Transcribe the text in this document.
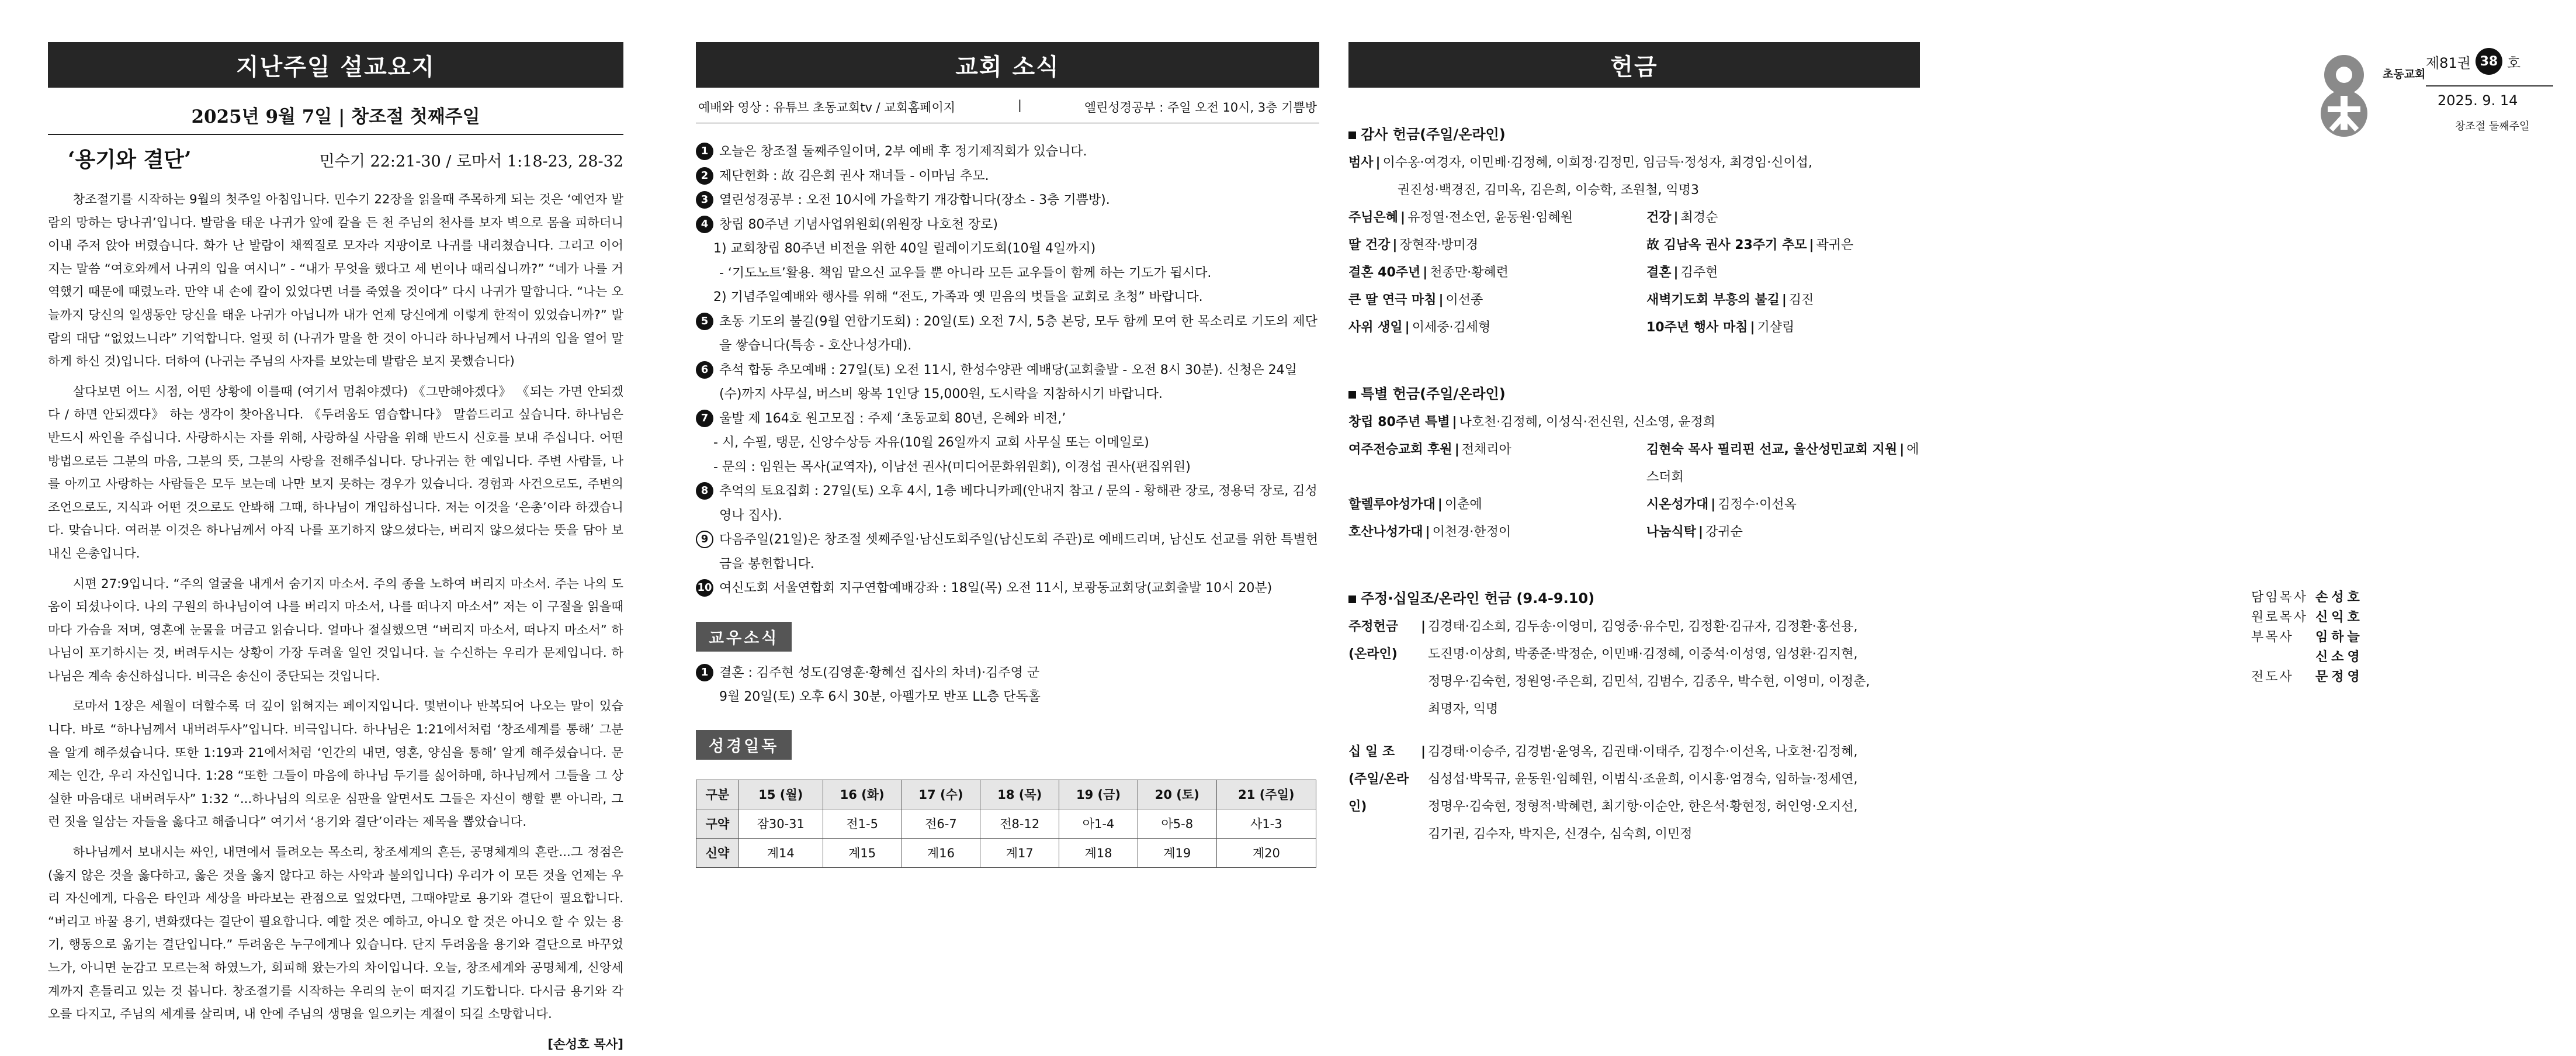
지난주일 설교요지
2025년 9월 7일 | 창조절 첫째주일
‘용기와 결단’	민수기 22:21-30 / 로마서 1:18-23, 28-32

창조절기를 시작하는 9월의 첫주일 아침입니다. 민수기 22장을 읽을때 주목하게 되는 것은 ‘예언자 발람의 망하는 당나귀’입니다. 발람을 태운 나귀가 앞에 칼을 든 천 주님의 천사를 보자 벽으로 몸을 피하더니 이내 주저 앉아 버렸습니다. 화가 난 발람이 채찍질로 모자라 지팡이로 나귀를 내리쳤습니다. 그리고 이어지는 말씀 “여호와께서 나귀의 입을 여시니” - “내가 무엇을 했다고 세 번이나 때리십니까?” “네가 나를 거역했기 때문에 때렸노라. 만약 내 손에 칼이 있었다면 너를 죽였을 것이다” 다시 나귀가 말합니다. “나는 오늘까지 당신의 일생동안 당신을 태운 나귀가 아닙니까 내가 언제 당신에게 이렇게 한적이 있었습니까?” 발람의 대답 “없었느니라” 기억합니다. 얼핏 히 (나귀가 말을 한 것이 아니라 하나님께서 나귀의 입을 열어 말하게 하신 것)입니다. 더하여 (나귀는 주님의 사자를 보았는데 발람은 보지 못했습니다)

살다보면 어느 시점, 어떤 상황에 이를때 (여기서 멈춰야겠다) 《그만해야겠다》 《되는 가면 안되겠다 / 하면 안되겠다》 하는 생각이 찾아옵니다. 《두려움도 염습합니다》 말씀드리고 싶습니다. 하나님은 반드시 싸인을 주십니다. 사랑하시는 자를 위해, 사랑하실 사람을 위해 반드시 신호를 보내 주십니다. 어떤 방법으로든 그분의 마음, 그분의 뜻, 그분의 사랑을 전해주십니다. 당나귀는 한 예입니다. 주변 사람들, 나를 아끼고 사랑하는 사람들은 모두 보는데 나만 보지 못하는 경우가 있습니다. 경험과 사건으로도, 주변의 조언으로도, 지식과 어떤 것으로도 안봐해 그때, 하나님이 개입하십니다. 저는 이것을 ‘은총’이라 하겠습니다. 맞습니다. 여러분 이것은 하나님께서 아직 나를 포기하지 않으셨다는, 버리지 않으셨다는 뜻을 담아 보내신 은총입니다.

시편 27:9입니다. “주의 얼굴을 내게서 숨기지 마소서. 주의 종을 노하여 버리지 마소서. 주는 나의 도움이 되셨나이다. 나의 구원의 하나님이여 나를 버리지 마소서, 나를 떠나지 마소서” 저는 이 구절을 읽을때마다 가슴을 저며, 영혼에 눈물을 머금고 읽습니다. 얼마나 절실했으면 “버리지 마소서, 떠나지 마소서” 하나님이 포기하시는 것, 버려두시는 상황이 가장 두려울 일인 것입니다. 늘 수신하는 우리가 문제입니다. 하나님은 계속 송신하십니다. 비극은 송신이 중단되는 것입니다.

로마서 1장은 세월이 더할수록 더 깊이 읽혀지는 페이지입니다. 몇번이나 반복되어 나오는 말이 있습니다. 바로 “하나님께서 내버려두사”입니다. 비극입니다. 하나님은 1:21에서처럼 ‘창조세계를 통해’ 그분을 알게 해주셨습니다. 또한 1:19과 21에서처럼 ‘인간의 내면, 영혼, 양심을 통해’ 알게 해주셨습니다. 문제는 인간, 우리 자신입니다. 1:28 “또한 그들이 마음에 하나님 두기를 싫어하매, 하나님께서 그들을 그 상실한 마음대로 내버려두사” 1:32 “...하나님의 의로운 심판을 알면서도 그들은 자신이 행할 뿐 아니라, 그런 짓을 일삼는 자들을 옳다고 해줍니다” 여기서 ‘용기와 결단’이라는 제목을 뽑았습니다.

하나님께서 보내시는 싸인, 내면에서 들려오는 목소리, 창조세계의 흔든, 공명체계의 흔란...그 정점은 (옳지 않은 것을 옳다하고, 옳은 것을 옳지 않다고 하는 사악과 불의입니다) 우리가 이 모든 것을 언제는 우리 자신에게, 다음은 타인과 세상을 바라보는 관점으로 엎었다면, 그때야말로 용기와 결단이 필요합니다. “버리고 바꿀 용기, 변화캤다는 결단이 필요합니다. 예할 것은 예하고, 아니오 할 것은 아니오 할 수 있는 용기, 행동으로 옮기는 결단입니다.” 두려움은 누구에게나 있습니다. 단지 두려움을 용기와 결단으로 바꾸었느가, 아니면 눈감고 모르는척 하였느가, 회피해 왔는가의 차이입니다. 오늘, 창조세계와 공명체계, 신앙세계까지 흔들리고 있는 것 봅니다. 창조절기를 시작하는 우리의 눈이 떠지길 기도합니다. 다시금 용기와 각오를 다지고, 주님의 세계를 살리며, 내 안에 주님의 생명을 일으키는 계절이 되길 소망합니다.

[손성호 목사]
교회 소식
예배와 영상 : 유튜브 초동교회tv / 교회홈페이지	|	엘린성경공부 : 주일 오전 10시, 3층 기쁨방
1 오늘은 창조절 둘째주일이며, 2부 예배 후 정기제직회가 있습니다.
2 제단헌화 : 故 김은회 권사 재녀들 - 이마님 추모.
3 열린성경공부 : 오전 10시에 가을학기 개강합니다(장소 - 3층 기쁨방).
4 창립 80주년 기념사업위원회(위원장 나호천 장로)
1) 교회창립 80주년 비전을 위한 40일 릴레이기도회(10월 4일까지)
- ‘기도노트’활용. 책임 맡으신 교우들 뿐 아니라 모든 교우들이 함께 하는 기도가 됩시다.
2) 기념주일예배와 행사를 위해 “전도, 가족과 옛 믿음의 벗들을 교회로 초청” 바랍니다.
5 초동 기도의 불길(9월 연합기도회) : 20일(토) 오전 7시, 5층 본당, 모두 함께 모여 한 목소리로 기도의 제단을 쌓습니다(특송 - 호산나성가대).
6 추석 합동 추모예배 : 27일(토) 오전 11시, 한성수양관 예배당(교회출발 - 오전 8시 30분). 신청은 24일(수)까지 사무실, 버스비 왕복 1인당 15,000원, 도시락을 지참하시기 바랍니다.
7 울발 제 164호 원고모집 : 주제 ‘초동교회 80년, 은혜와 비전,’
- 시, 수필, 탱문, 신앙수상등 자유(10월 26일까지 교회 사무실 또는 이메일로)
- 문의 : 임원는 목사(교역자), 이남선 권사(미디어문화위원회), 이경섭 권사(편집위원)
8 추억의 토요집회 : 27일(토) 오후 4시, 1층 베다니카페(안내지 참고 / 문의 - 황해관 장로, 정용덕 장로, 김성영나 집사).
9 다음주일(21일)은 창조절 셋째주일·남신도회주일(남신도회 주관)로 예배드리며, 남신도 선교를 위한 특별헌금을 봉헌합니다.
10 여신도회 서울연합회 지구연합예배강좌 : 18일(목) 오전 11시, 보광동교회당(교회출발 10시 20분)
교우소식
1 결혼 : 김주현 성도(김영훈·황혜선 집사의 차녀)·김주영 군
9월 20일(토) 오후 6시 30분, 아펠가모 반포 LL층 단독홀
성경일독
구분	15 (월)	16 (화)	17 (수)	18 (목)	19 (금)	20 (토)	21 (주일)
구약	잠30-31	전1-5	전6-7	전8-12	아1-4	아5-8	사1-3
신약	계14	계15	계16	계17	계18	계19	계20
헌금
감사 헌금(주일/온라인)
범사 | 이수옹·여경자, 이민배·김정혜, 이희정·김정민, 임금득·정성자, 최경임·신이섭,
권진성·백경진, 김미옥, 김은희, 이승학, 조원철, 익명3
주님은혜 | 유정열·전소연, 윤동원·임혜원	건강 | 최경순
딸 건강 | 장현작·방미경	故 김남옥 권사 23주기 추모 | 곽귀은
결혼 40주년 | 천종만·황혜련	결혼 | 김주현
큰 딸 연극 마침 | 이선종	새벽기도회 부흥의 불길 | 김진
사위 생일 | 이세중·김세형	10주년 행사 마침 | 기샬림
특별 헌금(주일/온라인)
창립 80주년 특별 | 나호천·김정혜, 이성식·전신원, 신소영, 윤정희
여주전승교회 후원 | 전채리아	김현숙 목사 필리핀 선교, 울산성민교회 지원 | 에스더회
할렐루야성가대 | 이춘예	시온성가대 | 김정수·이선옥
호산나성가대 | 이천경·한정이	나눔식탁 | 강귀순
주정·십일조/온라인 헌금 (9.4-9.10)
주정헌금
(온라인)
| 김경태·김소희, 김두송·이영미, 김영중·유수민, 김정환·김규자, 김정환·홍선용,
도진명·이상희, 박종준·박정순, 이민배·김정혜, 이중석·이성영, 임성환·김지현,
정명우·김숙현, 정원영·주은희, 김민석, 김범수, 김종우, 박수현, 이영미, 이정춘,
최명자, 익명
십 일 조
(주일/온라인)
| 김경태·이승주, 김경범·윤영옥, 김권태·이태주, 김정수·이선옥, 나호천·김정혜,
심성섭·박묵규, 윤동원·임혜원, 이범식·조윤희, 이시흥·엄경숙, 임하늘·정세연,
정명우·김숙현, 정형적·박혜련, 최기항·이순안, 한은석·황현정, 허인영·오지선,
김기권, 김수자, 박지은, 신경수, 심숙희, 이민정
담임목사 손성호
원로목사 신익호
부목사	임하늘
신소영
전도사	문정영
초동교회
제81권 38 호
2025. 9. 14
창조절 둘째주일
